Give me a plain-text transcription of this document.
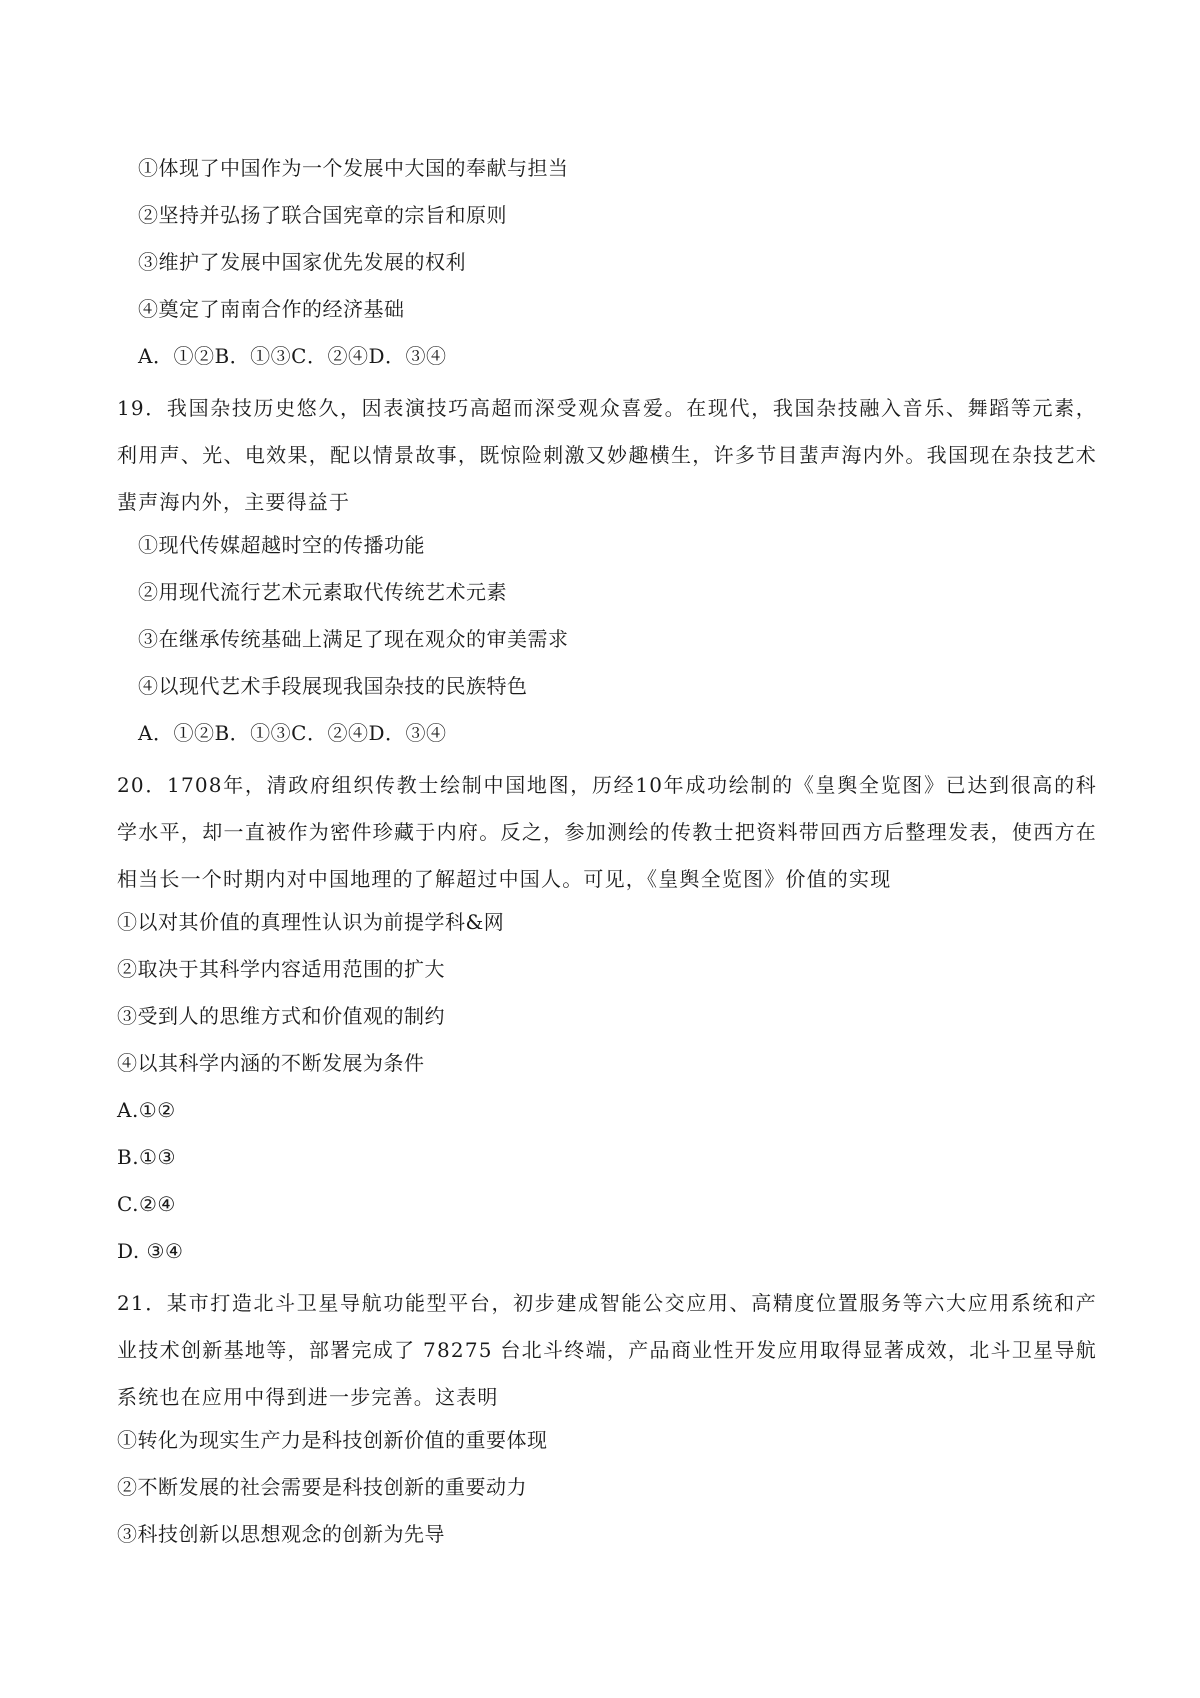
①体现了中国作为一个发展中大国的奉献与担当
②坚持并弘扬了联合国宪章的宗旨和原则
③维护了发展中国家优先发展的权利
④奠定了南南合作的经济基础
A．①②B．①③C．②④D．③④
19．我国杂技历史悠久，因表演技巧高超而深受观众喜爱。在现代，我国杂技融入音乐、舞蹈等元素，利用声、光、电效果，配以情景故事，既惊险刺激又妙趣横生，许多节目蜚声海内外。我国现在杂技艺术蜚声海内外，主要得益于
①现代传媒超越时空的传播功能
②用现代流行艺术元素取代传统艺术元素
③在继承传统基础上满足了现在观众的审美需求
④以现代艺术手段展现我国杂技的民族特色
A．①②B．①③C．②④D．③④
20．1708年，清政府组织传教士绘制中国地图，历经10年成功绘制的《皇舆全览图》已达到很高的科学水平，却一直被作为密件珍藏于内府。反之，参加测绘的传教士把资料带回西方后整理发表，使西方在相当长一个时期内对中国地理的了解超过中国人。可见，《皇舆全览图》价值的实现
①以对其价值的真理性认识为前提学科&网
②取决于其科学内容适用范围的扩大
③受到人的思维方式和价值观的制约
④以其科学内涵的不断发展为条件
A.①②
B.①③
C.②④
D. ③④
21．某市打造北斗卫星导航功能型平台，初步建成智能公交应用、高精度位置服务等六大应用系统和产业技术创新基地等，部署完成了 78275 台北斗终端，产品商业性开发应用取得显著成效，北斗卫星导航系统也在应用中得到进一步完善。这表明
①转化为现实生产力是科技创新价值的重要体现
②不断发展的社会需要是科技创新的重要动力
③科技创新以思想观念的创新为先导
